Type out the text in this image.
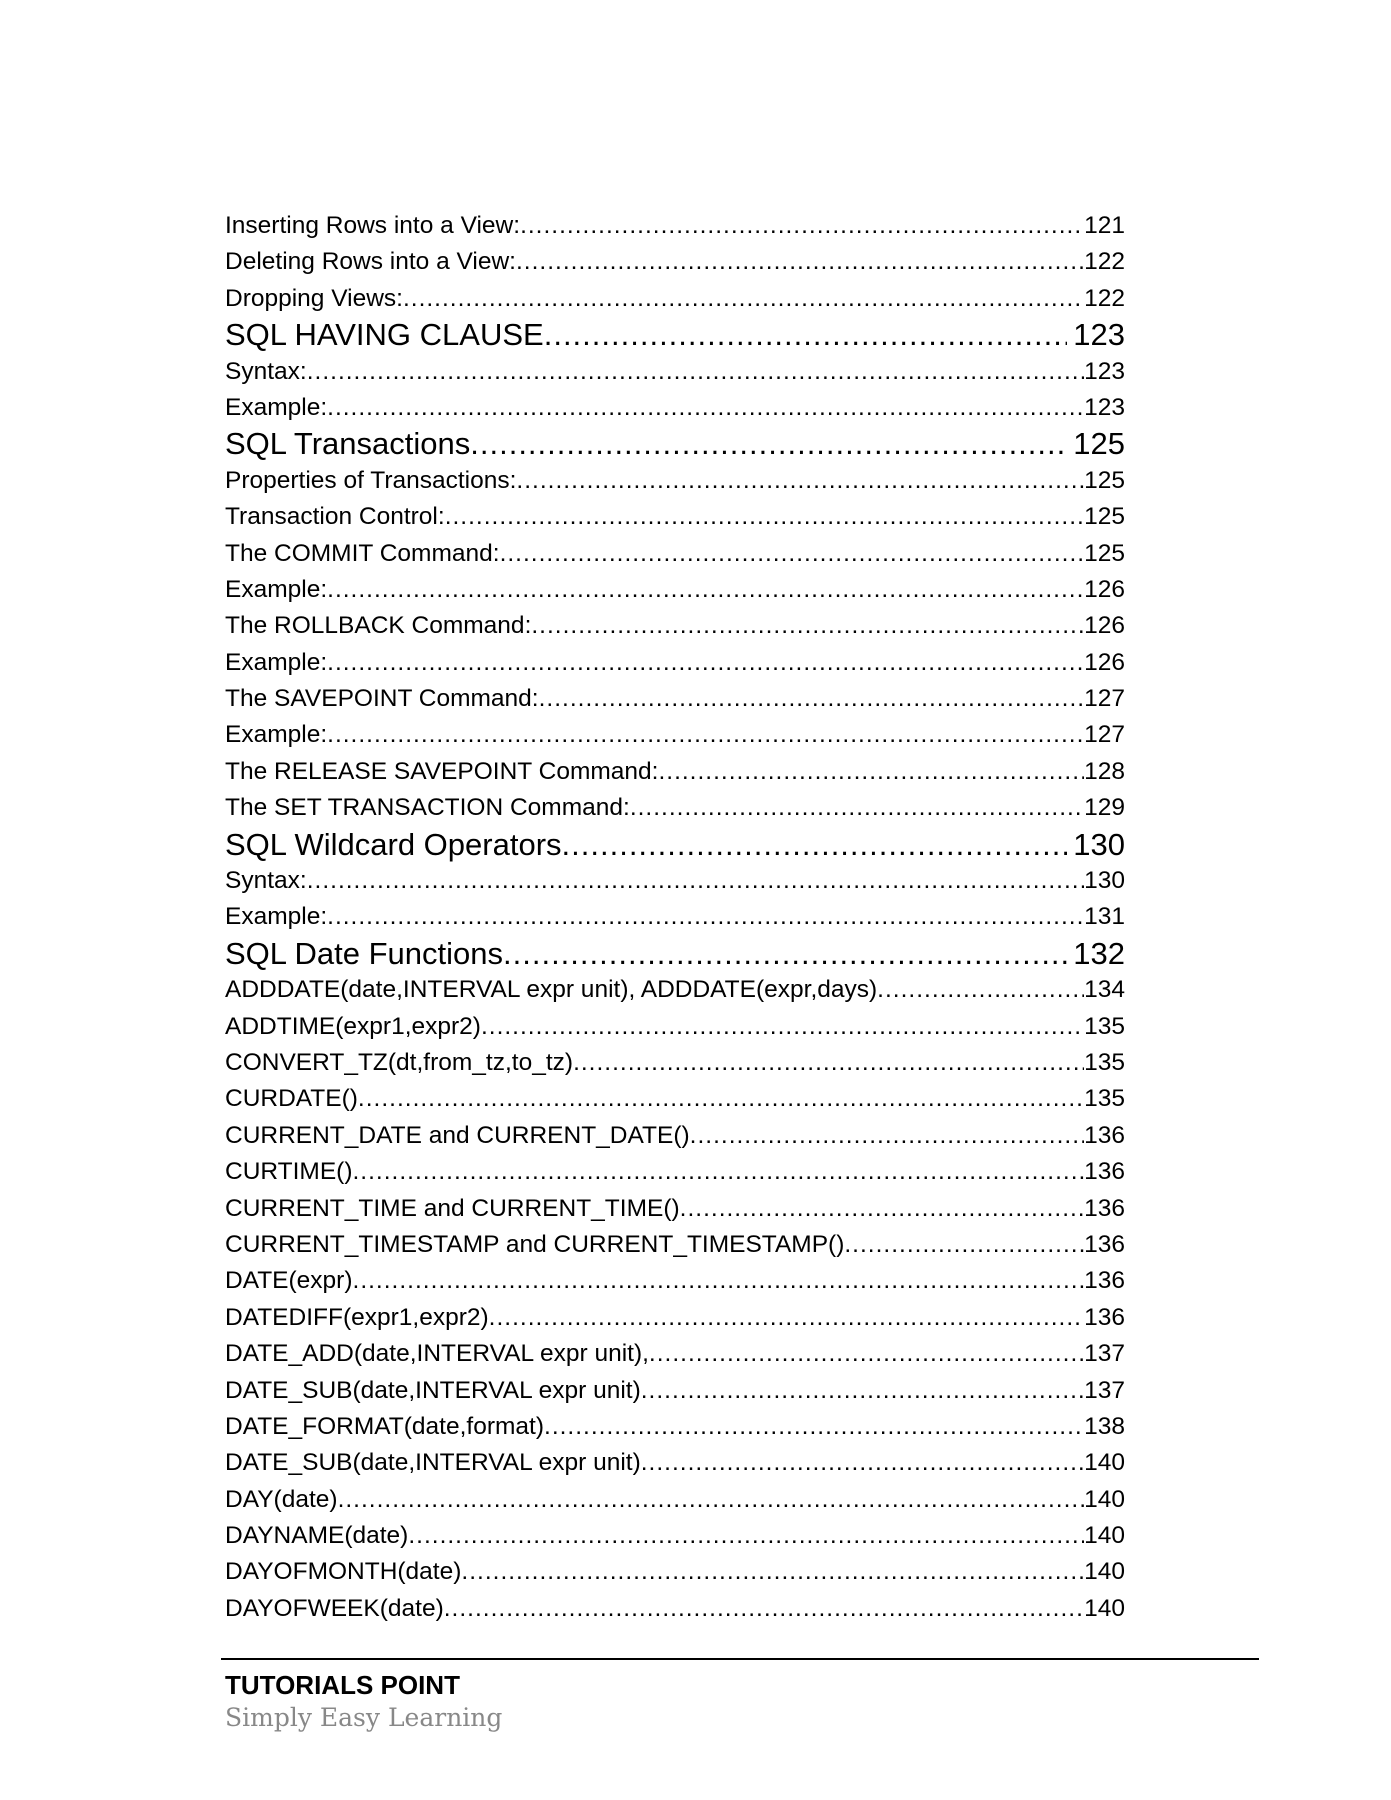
Inserting Rows into a View: .....	121
Deleting Rows into a View: .....	122
Dropping Views: .....	122
SQL HAVING CLAUSE .....	123
Syntax: .....	123
Example: .....	123
SQL Transactions .....	125
Properties of Transactions: .....	125
Transaction Control: .....	125
The COMMIT Command: .....	125
Example: .....	126
The ROLLBACK Command: .....	126
Example: .....	126
The SAVEPOINT Command: .....	127
Example: .....	127
The RELEASE SAVEPOINT Command: .....	128
The SET TRANSACTION Command: .....	129
SQL Wildcard Operators .....	130
Syntax: .....	130
Example: .....	131
SQL Date Functions .....	132
ADDDATE(date,INTERVAL expr unit), ADDDATE(expr,days) .....	134
ADDTIME(expr1,expr2) .....	135
CONVERT_TZ(dt,from_tz,to_tz) .....	135
CURDATE() .....	135
CURRENT_DATE and CURRENT_DATE() .....	136
CURTIME() .....	136
CURRENT_TIME and CURRENT_TIME() .....	136
CURRENT_TIMESTAMP and CURRENT_TIMESTAMP() .....	136
DATE(expr) .....	136
DATEDIFF(expr1,expr2) .....	136
DATE_ADD(date,INTERVAL expr unit), .....	137
DATE_SUB(date,INTERVAL expr unit) .....	137
DATE_FORMAT(date,format) .....	138
DATE_SUB(date,INTERVAL expr unit) .....	140
DAY(date) .....	140
DAYNAME(date) .....	140
DAYOFMONTH(date) .....	140
DAYOFWEEK(date) .....	140
TUTORIALS POINT
Simply Easy Learning
